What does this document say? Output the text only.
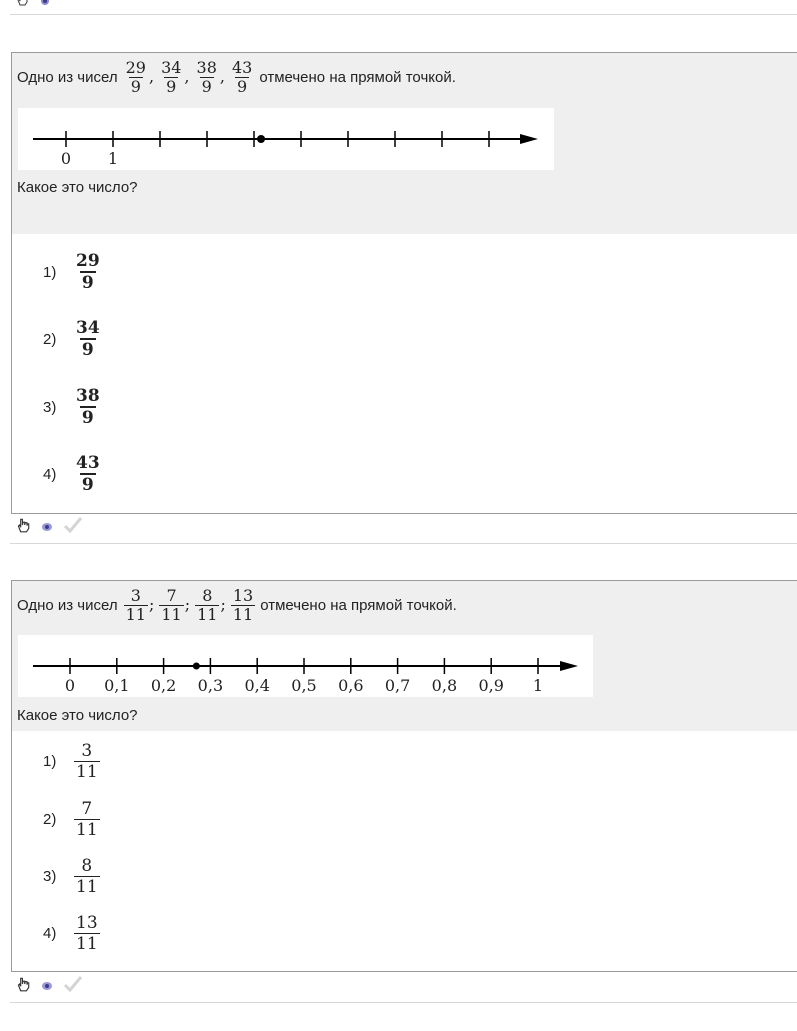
Одно из чисел $\frac{29}{9}$ , $\frac{34}{9}$ , $\frac{38}{9}$ , $\frac{43}{9}$ отмечено на прямой точкой.
0 1
Какое это число?
1)	$\frac{29}{9}$
2)	$\frac{34}{9}$
3)	$\frac{38}{9}$
4)	$\frac{43}{9}$
Одно из чисел $\frac{3}{11}$ ; $\frac{7}{11}$ ; $\frac{8}{11}$ ; $\frac{13}{11}$ отмечено на прямой точкой.
0 0,1 0,2 0,3 0,4 0,5 0,6 0,7 0,8 0,9 1
Какое это число?
1)	$\frac{3}{11}$
2)	$\frac{7}{11}$
3)	$\frac{8}{11}$
4)	$\frac{13}{11}$
